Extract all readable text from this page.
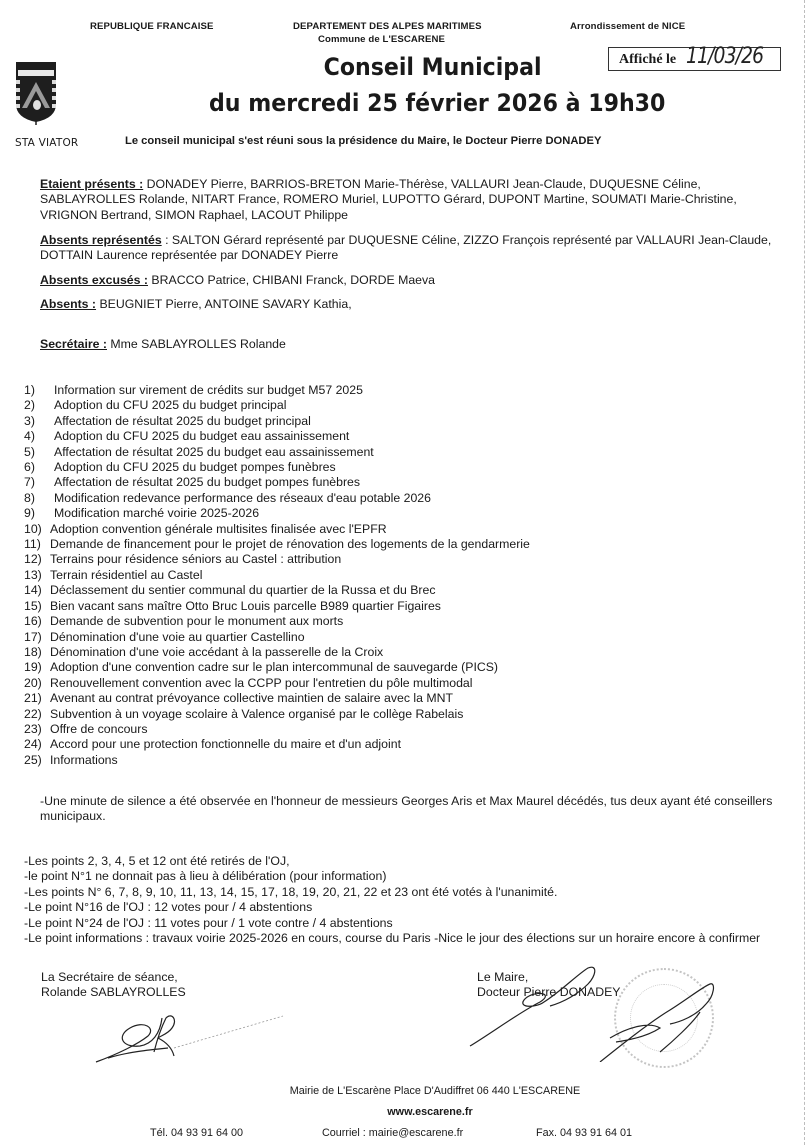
REPUBLIQUE FRANCAISE	DEPARTEMENT DES ALPES MARITIMES
Commune de L'ESCARENE
Arrondissement de NICE
STA VIATOR
Affiché le 11/03/26
Conseil Municipal
du mercredi 25 février 2026 à 19h30
Le conseil municipal s'est réuni sous la présidence du Maire, le Docteur Pierre DONADEY
Etaient présents : DONADEY Pierre, BARRIOS-BRETON Marie-Thérèse, VALLAURI Jean-Claude, DUQUESNE Céline, SABLAYROLLES Rolande, NITART France, ROMERO Muriel, LUPOTTO Gérard, DUPONT Martine, SOUMATI Marie-Christine, VRIGNON Bertrand, SIMON Raphael, LACOUT Philippe
Absents représentés : SALTON Gérard représenté par DUQUESNE Céline, ZIZZO François représenté par VALLAURI Jean-Claude, DOTTAIN Laurence représentée par DONADEY Pierre
Absents excusés : BRACCO Patrice, CHIBANI Franck, DORDE Maeva
Absents : BEUGNIET Pierre, ANTOINE SAVARY Kathia,
Secrétaire : Mme SABLAYROLLES Rolande
1)	Information sur virement de crédits sur budget M57 2025
2)	Adoption du CFU 2025 du budget principal
3)	Affectation de résultat 2025 du budget principal
4)	Adoption du CFU 2025 du budget eau assainissement
5)	Affectation de résultat 2025 du budget eau assainissement
6)	Adoption du CFU 2025 du budget pompes funèbres
7)	Affectation de résultat 2025 du budget pompes funèbres
8)	Modification redevance performance des réseaux d'eau potable 2026
9)	Modification marché voirie 2025-2026
10) Adoption convention générale multisites finalisée avec l'EPFR
11) Demande de financement pour le projet de rénovation des logements de la gendarmerie
12) Terrains pour résidence séniors au Castel : attribution
13) Terrain résidentiel au Castel
14) Déclassement du sentier communal du quartier de la Russa et du Brec
15) Bien vacant sans maître Otto Bruc Louis parcelle B989 quartier Figaires
16) Demande de subvention pour le monument aux morts
17) Dénomination d'une voie au quartier Castellino
18) Dénomination d'une voie accédant à la passerelle de la Croix
19) Adoption d'une convention cadre sur le plan intercommunal de sauvegarde (PICS)
20) Renouvellement convention avec la CCPP pour l'entretien du pôle multimodal
21) Avenant au contrat prévoyance collective maintien de salaire avec la MNT
22) Subvention à un voyage scolaire à Valence organisé par le collège Rabelais
23) Offre de concours
24) Accord pour une protection fonctionnelle du maire et d'un adjoint
25) Informations
-Une minute de silence a été observée en l'honneur de messieurs Georges Aris et Max Maurel décédés, tus deux ayant été conseillers municipaux.
-Les points 2, 3, 4, 5 et 12 ont été retirés de l'OJ,
-le point N°1 ne donnait pas à lieu à délibération (pour information)
-Les points N° 6, 7, 8, 9, 10, 11, 13, 14, 15, 17, 18, 19, 20, 21, 22 et 23 ont été votés à l'unanimité.
-Le point N°16 de l'OJ : 12 votes pour / 4 abstentions
-Le point N°24 de l'OJ : 11 votes pour / 1 vote contre / 4 abstentions
-Le point informations : travaux voirie 2025-2026 en cours, course du Paris -Nice le jour des élections sur un horaire encore à confirmer
La Secrétaire de séance,
Rolande SABLAYROLLES
Le Maire,
Docteur Pierre DONADEY
Mairie de L'Escarène Place D'Audiffret 06 440 L'ESCARENE
www.escarene.fr
Tél. 04 93 91 64 00	Courriel : mairie@escarene.fr	Fax. 04 93 91 64 01
